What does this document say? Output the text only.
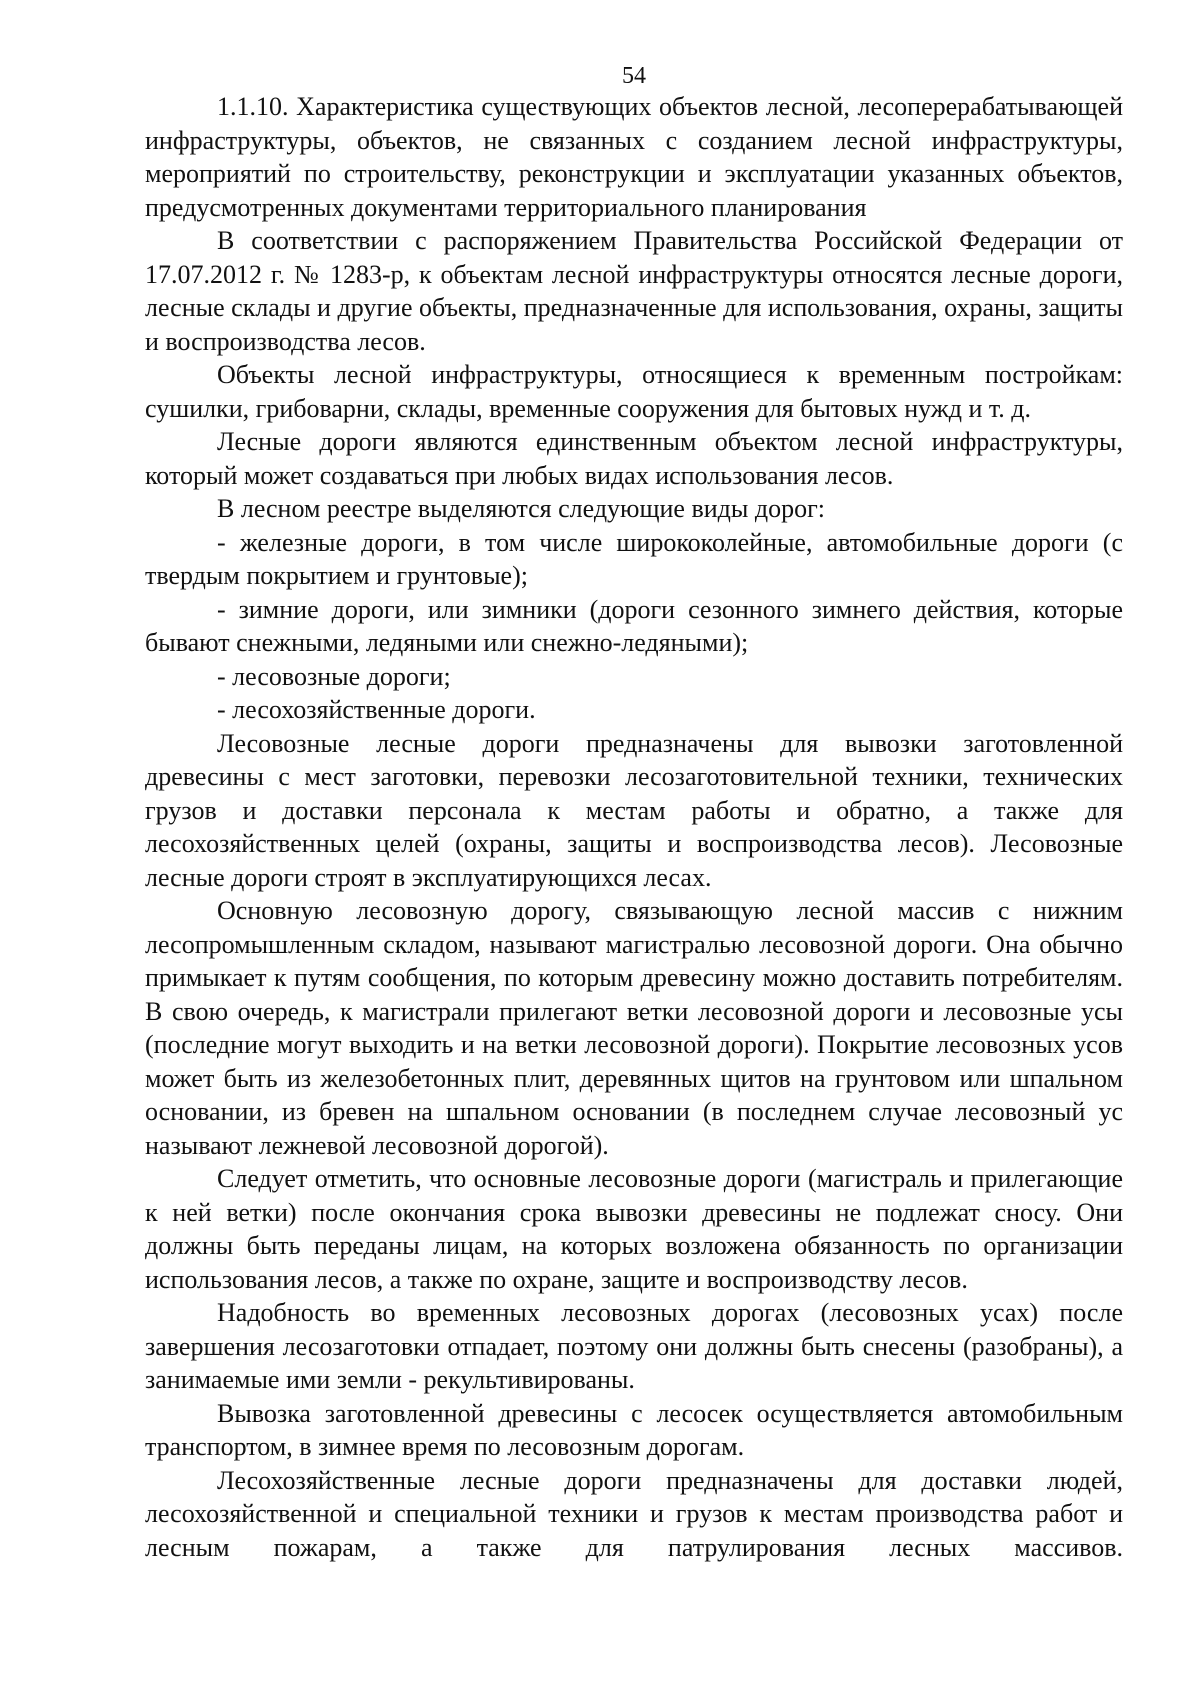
54

1.1.10. Характеристика существующих объектов лесной, лесоперерабатывающей инфраструктуры, объектов, не связанных с созданием лесной инфраструктуры, мероприятий по строительству, реконструкции и эксплуатации указанных объектов, предусмотренных документами территориального планирования

В соответствии с распоряжением Правительства Российской Федерации от 17.07.2012 г. № 1283-р, к объектам лесной инфраструктуры относятся лесные дороги, лесные склады и другие объекты, предназначенные для использования, охраны, защиты и воспроизводства лесов.

Объекты лесной инфраструктуры, относящиеся к временным постройкам: сушилки, грибоварни, склады, временные сооружения для бытовых нужд и т. д.

Лесные дороги являются единственным объектом лесной инфраструктуры, который может создаваться при любых видах использования лесов.

В лесном реестре выделяются следующие виды дорог:

- железные дороги, в том числе ширококолейные, автомобильные дороги (с твердым покрытием и грунтовые);

- зимние дороги, или зимники (дороги сезонного зимнего действия, которые бывают снежными, ледяными или снежно-ледяными);

- лесовозные дороги;

- лесохозяйственные дороги.

Лесовозные лесные дороги предназначены для вывозки заготовленной древесины с мест заготовки, перевозки лесозаготовительной техники, технических грузов и доставки персонала к местам работы и обратно, а также для лесохозяйственных целей (охраны, защиты и воспроизводства лесов). Лесовозные лесные дороги строят в эксплуатирующихся лесах.

Основную лесовозную дорогу, связывающую лесной массив с нижним лесопромышленным складом, называют магистралью лесовозной дороги. Она обычно примыкает к путям сообщения, по которым древесину можно доставить потребителям. В свою очередь, к магистрали прилегают ветки лесовозной дороги и лесовозные усы (последние могут выходить и на ветки лесовозной дороги). Покрытие лесовозных усов может быть из железобетонных плит, деревянных щитов на грунтовом или шпальном основании, из бревен на шпальном основании (в последнем случае лесовозный ус называют лежневой лесовозной дорогой).

Следует отметить, что основные лесовозные дороги (магистраль и прилегающие к ней ветки) после окончания срока вывозки древесины не подлежат сносу. Они должны быть переданы лицам, на которых возложена обязанность по организации использования лесов, а также по охране, защите и воспроизводству лесов.

Надобность во временных лесовозных дорогах (лесовозных усах) после завершения лесозаготовки отпадает, поэтому они должны быть снесены (разобраны), а занимаемые ими земли - рекультивированы.

Вывозка заготовленной древесины с лесосек осуществляется автомобильным транспортом, в зимнее время по лесовозным дорогам.

Лесохозяйственные лесные дороги предназначены для доставки людей, лесохозяйственной и специальной техники и грузов к местам производства работ и лесным пожарам, а также для патрулирования лесных массивов.
